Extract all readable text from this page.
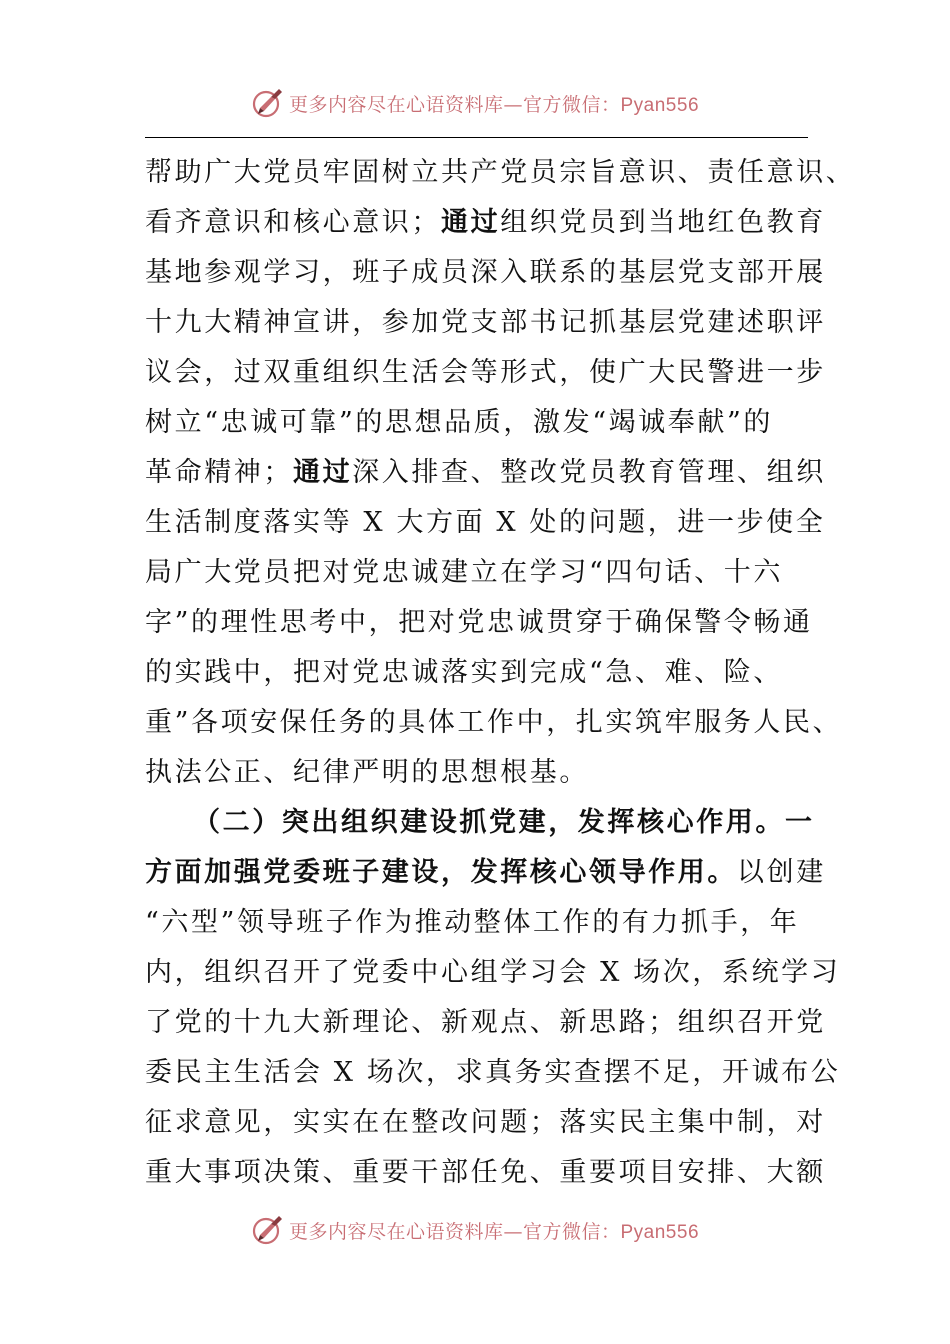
更多内容尽在心语资料库—官方微信：Pyan556
帮助广大党员牢固树立共产党员宗旨意识、责任意识、
看齐意识和核心意识；通过组织党员到当地红色教育
基地参观学习，班子成员深入联系的基层党支部开展
十九大精神宣讲，参加党支部书记抓基层党建述职评
议会，过双重组织生活会等形式，使广大民警进一步
树立“忠诚可靠”的思想品质，激发“竭诚奉献”的
革命精神；通过深入排查、整改党员教育管理、组织
生活制度落实等 X 大方面 X 处的问题，进一步使全
局广大党员把对党忠诚建立在学习“四句话、十六
字”的理性思考中，把对党忠诚贯穿于确保警令畅通
的实践中，把对党忠诚落实到完成“急、难、险、
重”各项安保任务的具体工作中，扎实筑牢服务人民、
执法公正、纪律严明的思想根基。
（二）突出组织建设抓党建，发挥核心作用。一
方面加强党委班子建设，发挥核心领导作用。以创建
“六型”领导班子作为推动整体工作的有力抓手，年
内，组织召开了党委中心组学习会 X 场次，系统学习
了党的十九大新理论、新观点、新思路；组织召开党
委民主生活会 X 场次，求真务实查摆不足，开诚布公
征求意见，实实在在整改问题；落实民主集中制，对
重大事项决策、重要干部任免、重要项目安排、大额
更多内容尽在心语资料库—官方微信：Pyan556
